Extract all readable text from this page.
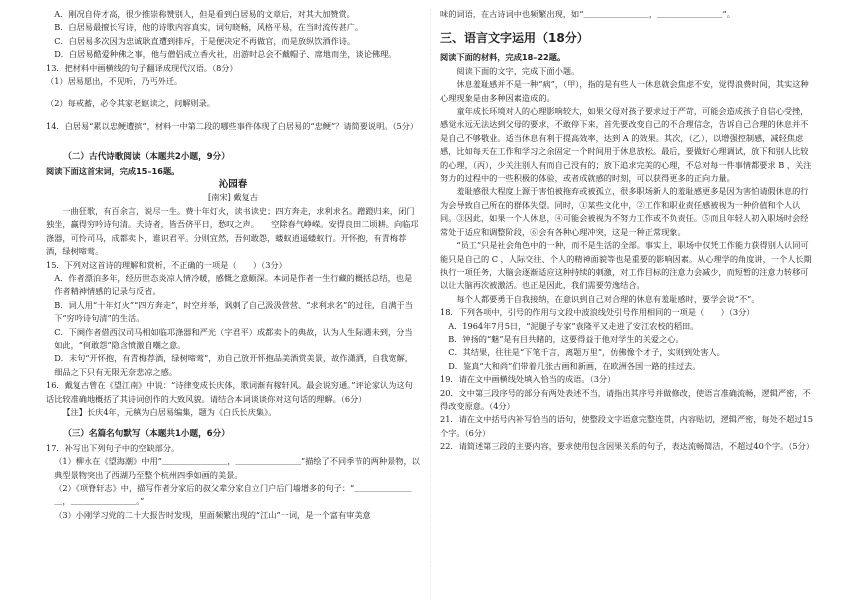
A．刚况自侍才高，很少推崇称赞别人，但是看到白居易的文章后，对其大加赞赏。

B．白居易最擅长写诗，他的诗歌内容真实，词句晓畅，风格平易，在当时流传甚广。

C．白居易多次因为忠诚耿直遭到排斥，于是便决定不再做官，而是放纵饮酒作诗。

D．白居易酷爱种佛之事，他与僧侣成立香火社，出游时总会不戴帽子、席地而坐，谈论佛理。

13．把材料中画横线的句子翻译成现代汉语。（8分）

（1）居易愿出，不见听，乃丐外迁。

（2）每戒蓄，必令其家老妪读之，问解则录。

14．白居易“累以忠鲠遭摈”，材料一中第二段的哪些事件体现了白居易的“忠鲠”？请简要说明。（5分）

（二）古代诗歌阅读（本题共2小题，9分）

阅读下面这首宋词，完成15–16题。

沁园春

[南宋] 戴复古

一曲狂歌，有百余言，说尽一生。费十年灯火，读书读史；四方奔走，求利求名。蹭蹬归来，闭门独坐，赢得穷吟诗句清。夫诗者，皆吾侪平日，愁叹之声。　　空除春气峥嵘。安得良田二顷耕。向临邛涤器，可怜司马，成都卖卜，谁识君平。分则宜然，吾何敢怨，蝼蚁逍遥蝼蚁行。开怀抱，有青梅荐酒，绿树啼莺。

15．下列对这首诗的理解和赏析，不正确的一项是（　　）（3分）

A．作者漂泊多年，经历世态炎凉人情冷暖，感慨之意颇深。本词是作者一生行藏的概括总结，也是作者精神情感的记录与反省。

B．词人用“十年灯火”“四方奔走”，时空并举，讽刺了自己汲汲营营、“求利求名”的过往，自满于当下“穷吟诗句清”的生活。

C．下阕作者借西汉司马相如临邛涤器和严光（字君平）成都卖卜的典故，认为人生际遇未到，分当如此，“何敢怨”隐含愤激自嘲之意。

D．末句“开怀抱，有青梅荐酒，绿树啼莺”，劝自己放开怀抱品美酒赏美景，故作潇洒，自我宽解，细品之下只有无限无奈悲凉之感。

16．戴复古曾在《望江南》中说：“诗律变成长庆体，歌词渐有稼轩风。最会说穷通。”评论家认为这句话比较准确地概括了其诗词创作的大致风貌。请结合本词谈谈你对这句话的理解。（6分）

【注】长庆4年，元稹为白居易编集，题为《白氏长庆集》。

（三）名篇名句默写（本题共1小题，6分）

17．补写出下列句子中的空缺部分。

（1）柳永在《望海潮》中用“＿＿＿＿＿＿＿＿，＿＿＿＿＿＿＿＿”描绘了不同季节的两种景物，以典型景物突出了西湖乃至整个杭州四季如画的美景。

（2）《项脊轩志》中，描写作者分家后的叔父辈分家自立门户后门墙增多的句子：“＿＿＿＿＿＿＿＿，＿＿＿＿＿＿＿＿。”

（3）小刚学习党的二十大报告时发现，里面频繁出现的“江山”一词，是一个富有审美意

味的词语，在古诗词中也频繁出现，如“＿＿＿＿＿＿＿＿，＿＿＿＿＿＿＿＿”。

三、语言文字运用（18分）

阅读下面的材料，完成18–22题。

阅读下面的文字，完成下面小题。

休息羞耻感并不是一种“病”，（甲），指的是有些人一休息就会焦虑不安，觉得浪费时间，其实这种心理现象是由多种因素造成的。

童年成长环境对人的心理影响较大，如果父母对孩子要求过于严苛，可能会造成孩子自信心受挫，感觉永远无法达到父母的要求，不敢停下来，首先要改变自己的不合理信念，告诉自己合理的休息并不是自己不够敬业。适当休息有利于提高效率，达到 A 的效果。其次，（乙），以增强控制感，减轻焦虑感，比如每天在工作和学习之余固定一个时间用于休息放松。最后，要做好心理调试，放下和别人比较的心理，（丙），少关注别人有而自己没有的；放下追求完美的心理，不总对每一件事情都要求 B ，关注努力的过程中的一些积极的体验，或者成就感的时刻，可以获得更多的正向力量。

羞耻感很大程度上源于害怕被拖弃或被孤立，很多职场新人的羞耻感更多是因为害怕请假休息的行为会导致自己所在的群体失望。同时，①某些文化中，②工作和职业责任感被视为一种价值和个人认同。③因此，如果一个人休息，④可能会被视为不努力工作或不负责任。⑤而且年轻人初入职场时会经常处于适应和调整阶段，⑥会有各种心理冲突，这是一种正常现象。

“员工”只是社会角色中的一种，而不是生活的全部。事实上，职场中仅凭工作能力获得别人认同可能只是自己的 C ，人际交往、个人的精神面貌等也是重要的影响因素。从心理学的角度讲，一个人长期执行一项任务，大脑会逐渐适应这种持续的刺激，对工作目标的注意力会减少，而短暂的注意力转移可以让大脑再次被激活。也正是因此，我们需要劳逸结合。

每个人都要勇于自我接纳，在意识到自己对合理的休息有羞耻感时，要学会说“不”。

18．下列各项中，引号的作用与文段中波浪线处引号作用相同的一项是（　　）（3分）

A．1964年7月5日，“泥腿子专家”袁隆平又走进了安江农校的稻田。

B．钟扬的“魅”是有目共睹的，这要得益于他对学生的关爱之心。

C．其结果，往往是“下笔千言，离题万里”，仿佛像个才子，实则到处害人。

D．鉴真“大和尚”们带着几张古画和新画，在欧洲各国一路的挂过去。

19．请在文中画横线处填入恰当的成语。（3分）

20．文中第三段序号的部分有两处表述不当，请指出其序号并做修改，使语言准确流畅，逻辑严密，不得改变原意。（4分）

21．请在文中括号内补写恰当的语句，使整段文字语意完整连贯，内容贴切，逻辑严密，每处不超过15个字。（6分）

22．请简述第三段的主要内容，要求使用包含因果关系的句子，表达流畅简洁，不超过40个字。（5分）
